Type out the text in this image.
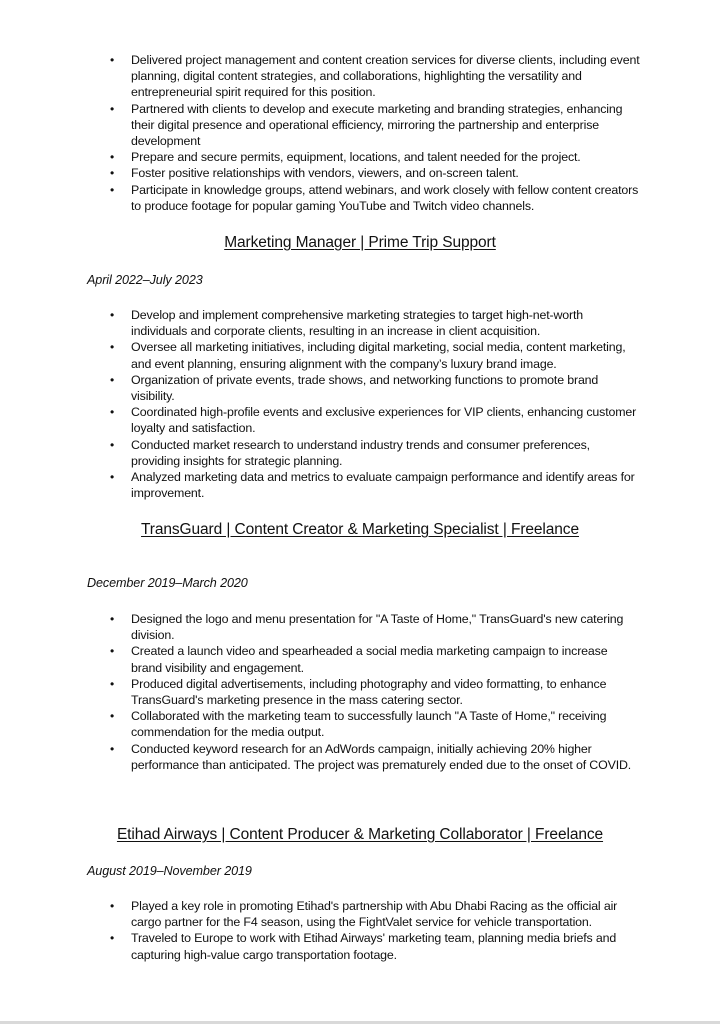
• Delivered project management and content creation services for diverse clients, including event planning, digital content strategies, and collaborations, highlighting the versatility and entrepreneurial spirit required for this position.
• Partnered with clients to develop and execute marketing and branding strategies, enhancing their digital presence and operational efficiency, mirroring the partnership and enterprise development
• Prepare and secure permits, equipment, locations, and talent needed for the project.
• Foster positive relationships with vendors, viewers, and on-screen talent.
• Participate in knowledge groups, attend webinars, and work closely with fellow content creators to produce footage for popular gaming YouTube and Twitch video channels.
Marketing Manager | Prime Trip Support
April 2022–July 2023
• Develop and implement comprehensive marketing strategies to target high-net-worth individuals and corporate clients, resulting in an increase in client acquisition.
• Oversee all marketing initiatives, including digital marketing, social media, content marketing, and event planning, ensuring alignment with the company’s luxury brand image.
• Organization of private events, trade shows, and networking functions to promote brand visibility.
• Coordinated high-profile events and exclusive experiences for VIP clients, enhancing customer loyalty and satisfaction.
• Conducted market research to understand industry trends and consumer preferences, providing insights for strategic planning.
• Analyzed marketing data and metrics to evaluate campaign performance and identify areas for improvement.
TransGuard | Content Creator & Marketing Specialist | Freelance
December 2019–March 2020
• Designed the logo and menu presentation for "A Taste of Home," TransGuard's new catering division.
• Created a launch video and spearheaded a social media marketing campaign to increase brand visibility and engagement.
• Produced digital advertisements, including photography and video formatting, to enhance TransGuard's marketing presence in the mass catering sector.
• Collaborated with the marketing team to successfully launch "A Taste of Home," receiving commendation for the media output.
• Conducted keyword research for an AdWords campaign, initially achieving 20% higher performance than anticipated. The project was prematurely ended due to the onset of COVID.
Etihad Airways | Content Producer & Marketing Collaborator | Freelance
August 2019–November 2019
• Played a key role in promoting Etihad's partnership with Abu Dhabi Racing as the official air cargo partner for the F4 season, using the FightValet service for vehicle transportation.
• Traveled to Europe to work with Etihad Airways' marketing team, planning media briefs and capturing high-value cargo transportation footage.
